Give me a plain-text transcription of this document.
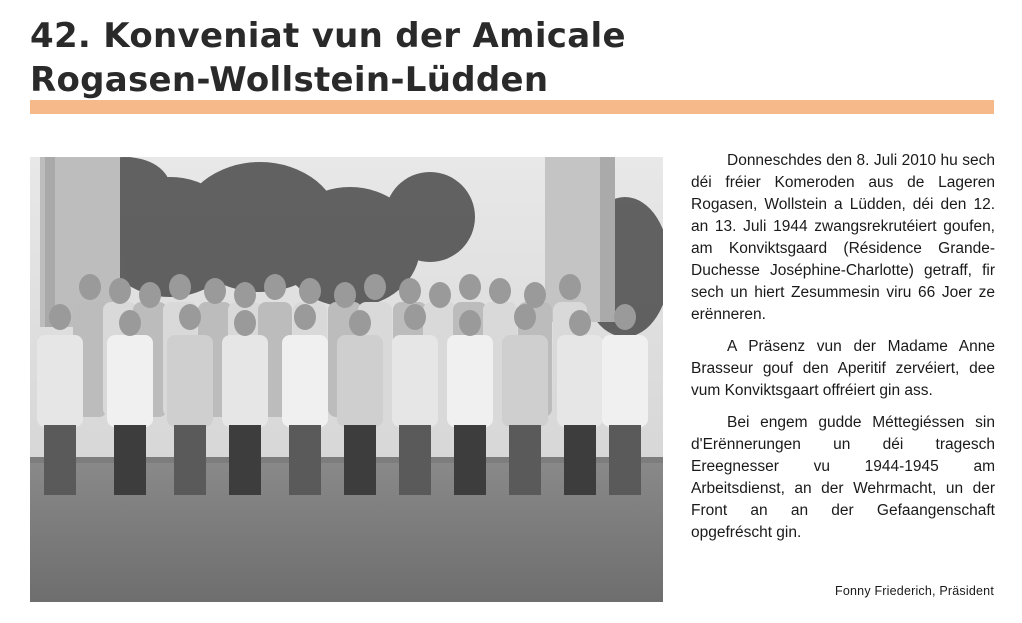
42. Konveniat vun der Amicale
Rogasen-Wollstein-Lüdden

Donneschdes den 8. Juli 2010 hu sech déi fréier Komeroden aus de Lageren Rogasen, Wollstein a Lüdden, déi den 12. an 13. Juli 1944 zwangsrekrutéiert goufen, am Konviktsgaard (Résidence Grande-Duchesse Joséphine-Charlotte) getraff, fir sech un hiert Zesummesin viru 66 Joer ze erënneren.

A Präsenz vun der Madame Anne Brasseur gouf den Aperitif zervéiert, dee vum Konviktsgaart offréiert gin ass.

Bei engem gudde Méttegiéssen sin d'Erënnerungen un déi tragesch Ereegnesser vu 1944-1945 am Arbeitsdienst, an der Wehrmacht, un der Front an an der Gefaangenschaft opgefréscht gin.

Fonny Friederich, Präsident
